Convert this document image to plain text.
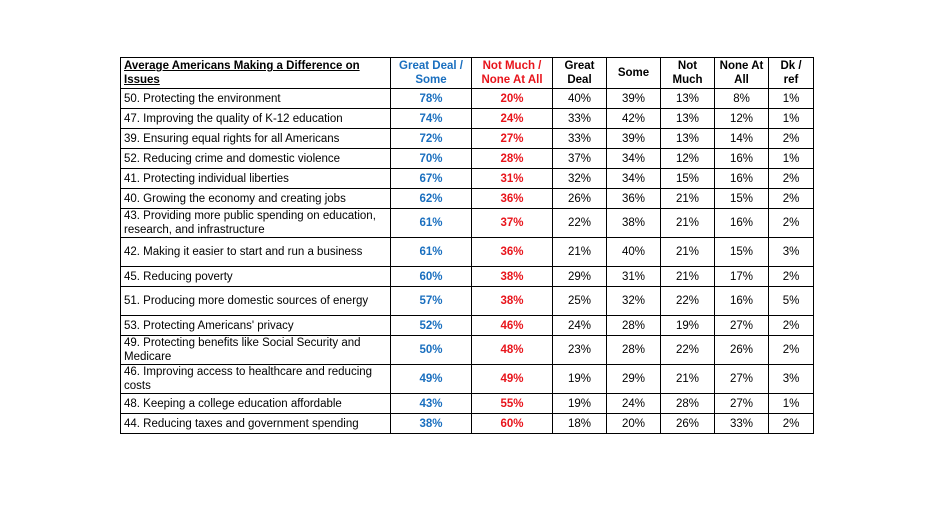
Average Americans Making a Difference on Issues	Great Deal / Some	Not Much / None At All	Great Deal	Some	Not Much	None At All	Dk / ref
50. Protecting the environment	78%	20%	40%	39%	13%	8%	1%
47. Improving the quality of K-12 education	74%	24%	33%	42%	13%	12%	1%
39. Ensuring equal rights for all Americans	72%	27%	33%	39%	13%	14%	2%
52. Reducing crime and domestic violence	70%	28%	37%	34%	12%	16%	1%
41. Protecting individual liberties	67%	31%	32%	34%	15%	16%	2%
40. Growing the economy and creating jobs	62%	36%	26%	36%	21%	15%	2%
43. Providing more public spending on education, research, and infrastructure	61%	37%	22%	38%	21%	16%	2%
42. Making it easier to start and run a business	61%	36%	21%	40%	21%	15%	3%
45. Reducing poverty	60%	38%	29%	31%	21%	17%	2%
51. Producing more domestic sources of energy	57%	38%	25%	32%	22%	16%	5%
53. Protecting Americans' privacy	52%	46%	24%	28%	19%	27%	2%
49. Protecting benefits like Social Security and Medicare	50%	48%	23%	28%	22%	26%	2%
46. Improving access to healthcare and reducing costs	49%	49%	19%	29%	21%	27%	3%
48. Keeping a college education affordable	43%	55%	19%	24%	28%	27%	1%
44. Reducing taxes and government spending	38%	60%	18%	20%	26%	33%	2%
